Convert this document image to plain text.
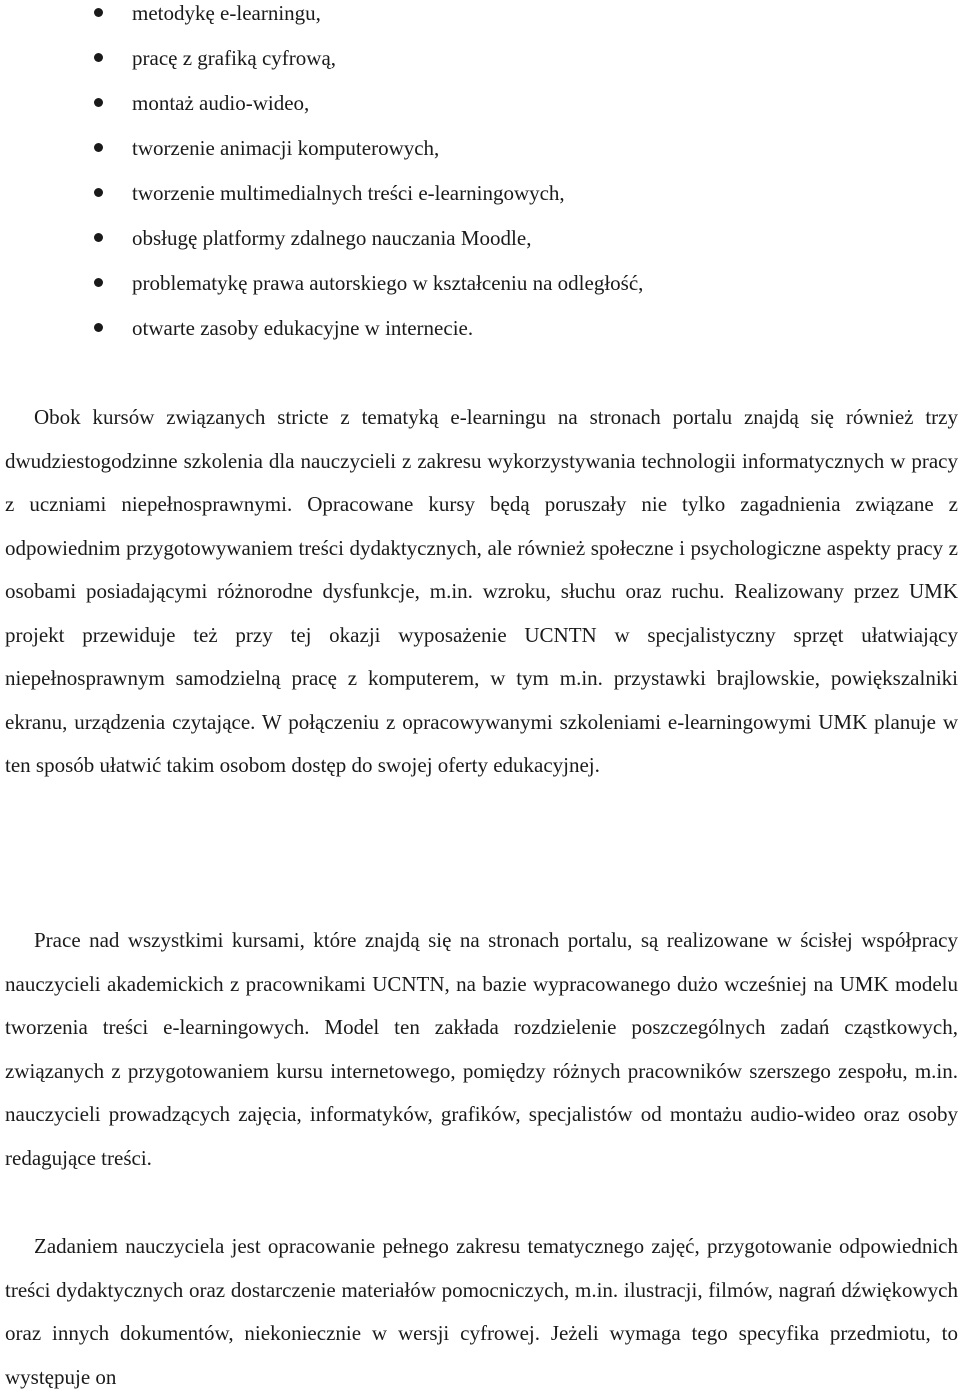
metodykę e-learningu,
pracę z grafiką cyfrową,
montaż audio-wideo,
tworzenie animacji komputerowych,
tworzenie multimedialnych treści e-learningowych,
obsługę platformy zdalnego nauczania Moodle,
problematykę prawa autorskiego w kształceniu na odległość,
otwarte zasoby edukacyjne w internecie.

Obok kursów związanych stricte z tematyką e-learningu na stronach portalu znajdą się również trzy dwudziestogodzinne szkolenia dla nauczycieli z zakresu wykorzystywania technologii informatycznych w pracy z uczniami niepełnosprawnymi. Opracowane kursy będą poruszały nie tylko zagadnienia związane z odpowiednim przygotowywaniem treści dydaktycznych, ale również społeczne i psychologiczne aspekty pracy z osobami posiadającymi różnorodne dysfunkcje, m.in. wzroku, słuchu oraz ruchu. Realizowany przez UMK projekt przewiduje też przy tej okazji wyposażenie UCNTN w specjalistyczny sprzęt ułatwiający niepełnosprawnym samodzielną pracę z komputerem, w tym m.in. przystawki brajlowskie, powiększalniki ekranu, urządzenia czytające. W połączeniu z opracowywanymi szkoleniami e-learningowymi UMK planuje w ten sposób ułatwić takim osobom dostęp do swojej oferty edukacyjnej.

Prace nad wszystkimi kursami, które znajdą się na stronach portalu, są realizowane w ścisłej współpracy nauczycieli akademickich z pracownikami UCNTN, na bazie wypracowanego dużo wcześniej na UMK modelu tworzenia treści e-learningowych. Model ten zakłada rozdzielenie poszczególnych zadań cząstkowych, związanych z przygotowaniem kursu internetowego, pomiędzy różnych pracowników szerszego zespołu, m.in. nauczycieli prowadzących zajęcia, informatyków, grafików, specjalistów od montażu audio-wideo oraz osoby redagujące treści.

Zadaniem nauczyciela jest opracowanie pełnego zakresu tematycznego zajęć, przygotowanie odpowiednich treści dydaktycznych oraz dostarczenie materiałów pomocniczych, m.in. ilustracji, filmów, nagrań dźwiękowych oraz innych dokumentów, niekoniecznie w wersji cyfrowej. Jeżeli wymaga tego specyfika przedmiotu, to występuje on
